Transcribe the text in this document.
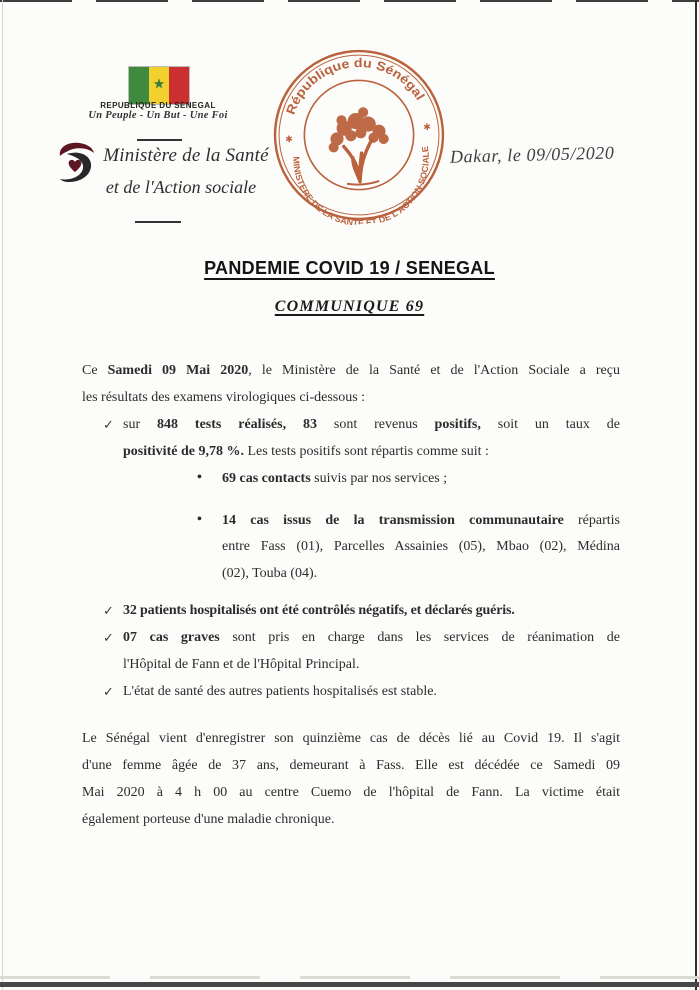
★
REPUBLIQUE DU SENEGAL
Un Peuple - Un But - Une Foi
Ministère de la Santé
et de l'Action sociale
République du Sénégal
MINISTERE DE LA SANTE ET DE L'ACTION SOCIALE
✱
✱
Dakar, le 09/05/2020
PANDEMIE COVID 19 / SENEGAL
COMMUNIQUE 69
Ce Samedi 09 Mai 2020, le Ministère de la Santé et de l'Action Sociale a reçu
les résultats des examens virologiques ci-dessous :
✓ sur 848 tests réalisés, 83 sont revenus positifs, soit un taux de
positivité de 9,78 %. Les tests positifs sont répartis comme suit :
• 69 cas contacts suivis par nos services ;
• 14 cas issus de la transmission communautaire répartis
entre Fass (01), Parcelles Assainies (05), Mbao (02), Médina
(02), Touba (04).
✓ 32 patients hospitalisés ont été contrôlés négatifs, et déclarés guéris.
✓ 07 cas graves sont pris en charge dans les services de réanimation de
l'Hôpital de Fann et de l'Hôpital Principal.
✓ L'état de santé des autres patients hospitalisés est stable.
Le Sénégal vient d'enregistrer son quinzième cas de décès lié au Covid 19. Il s'agit
d'une femme âgée de 37 ans, demeurant à Fass. Elle est décédée ce Samedi 09
Mai 2020 à 4 h 00 au centre Cuemo de l'hôpital de Fann. La victime était
également porteuse d'une maladie chronique.
